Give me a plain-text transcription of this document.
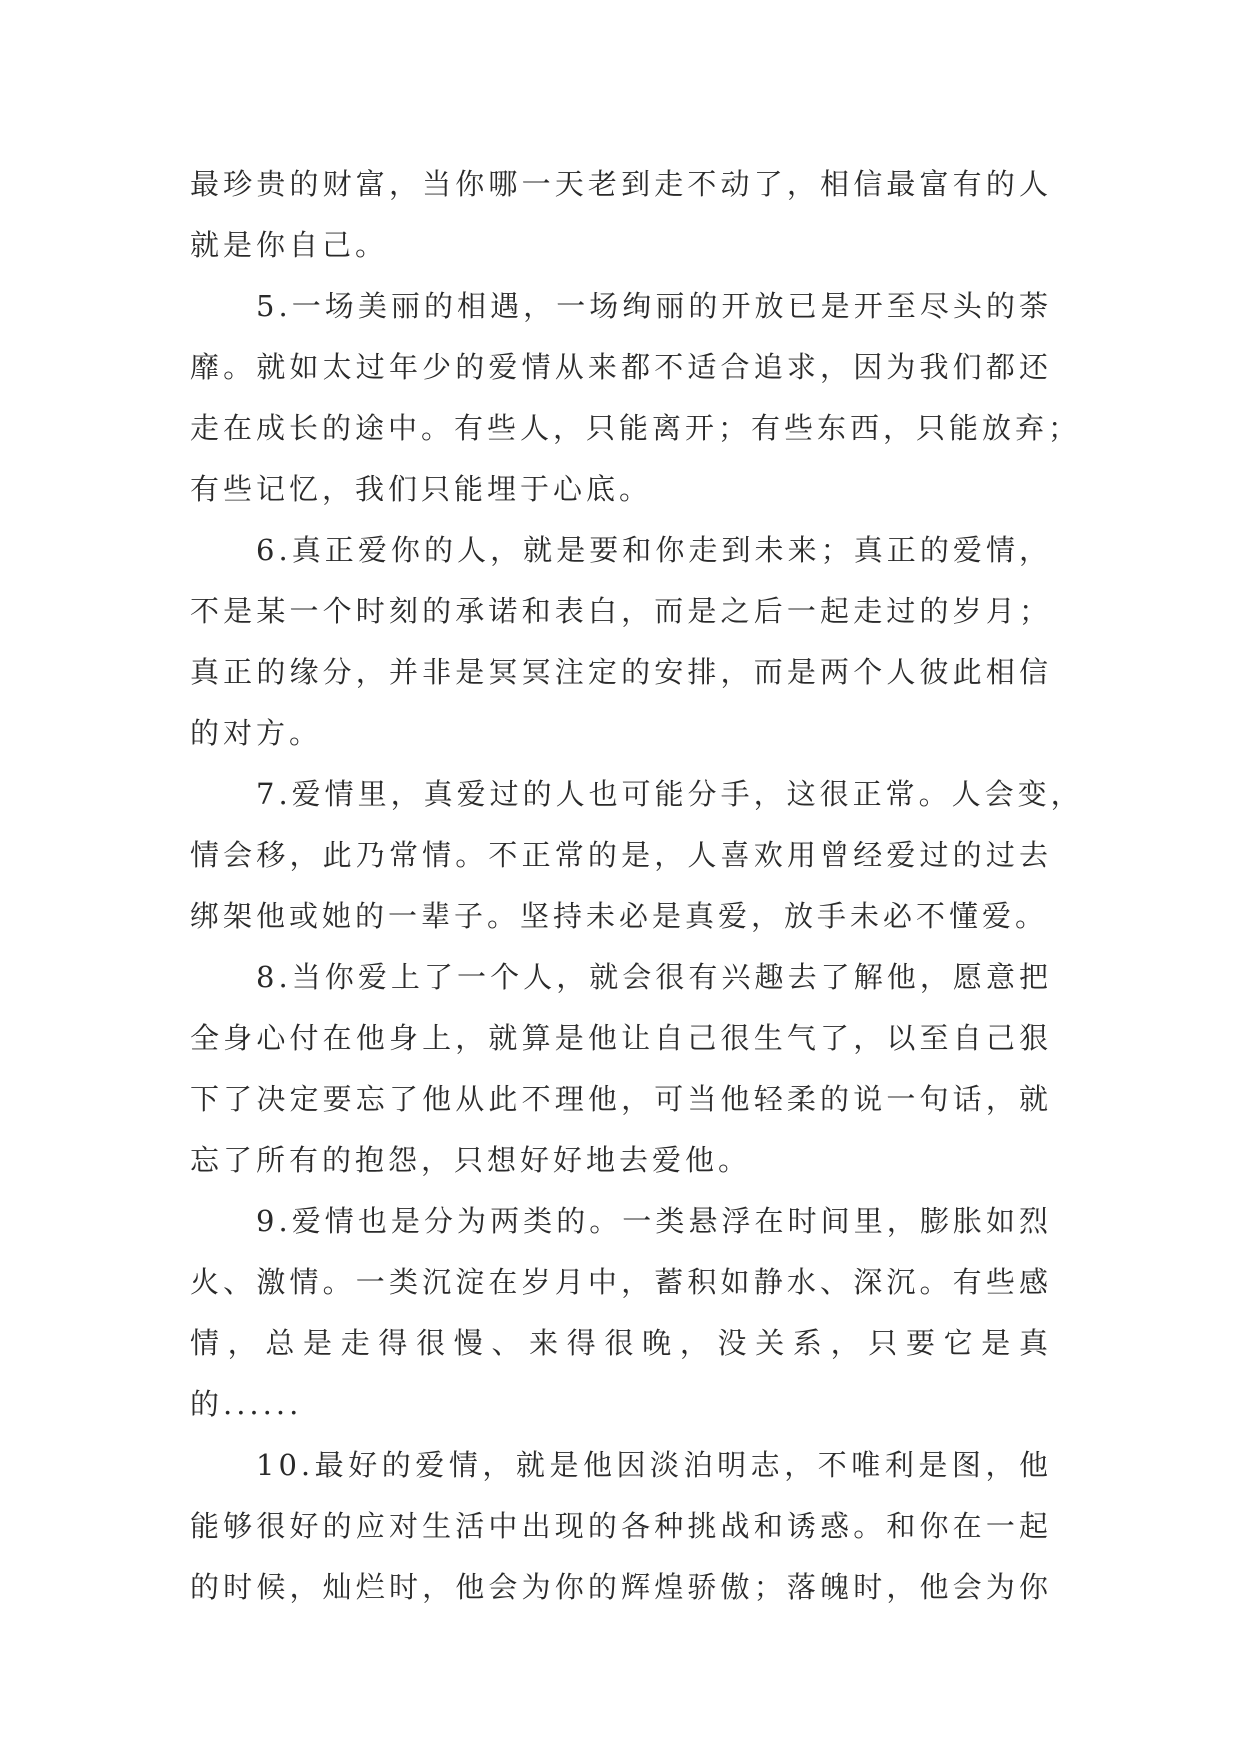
最珍贵的财富，当你哪一天老到走不动了，相信最富有的人
就是你自己。
5.一场美丽的相遇，一场绚丽的开放已是开至尽头的荼
靡。就如太过年少的爱情从来都不适合追求，因为我们都还
走在成长的途中。有些人，只能离开；有些东西，只能放弃；
有些记忆，我们只能埋于心底。
6.真正爱你的人，就是要和你走到未来；真正的爱情，
不是某一个时刻的承诺和表白，而是之后一起走过的岁月；
真正的缘分，并非是冥冥注定的安排，而是两个人彼此相信
的对方。
7.爱情里，真爱过的人也可能分手，这很正常。人会变，
情会移，此乃常情。不正常的是，人喜欢用曾经爱过的过去
绑架他或她的一辈子。坚持未必是真爱，放手未必不懂爱。
8.当你爱上了一个人，就会很有兴趣去了解他，愿意把
全身心付在他身上，就算是他让自己很生气了，以至自己狠
下了决定要忘了他从此不理他，可当他轻柔的说一句话，就
忘了所有的抱怨，只想好好地去爱他。
9.爱情也是分为两类的。一类悬浮在时间里，膨胀如烈
火、激情。一类沉淀在岁月中，蓄积如静水、深沉。有些感
情，总是走得很慢、来得很晚，没关系，只要它是真
的......
10.最好的爱情，就是他因淡泊明志，不唯利是图，他
能够很好的应对生活中出现的各种挑战和诱惑。和你在一起
的时候，灿烂时，他会为你的辉煌骄傲；落魄时，他会为你
